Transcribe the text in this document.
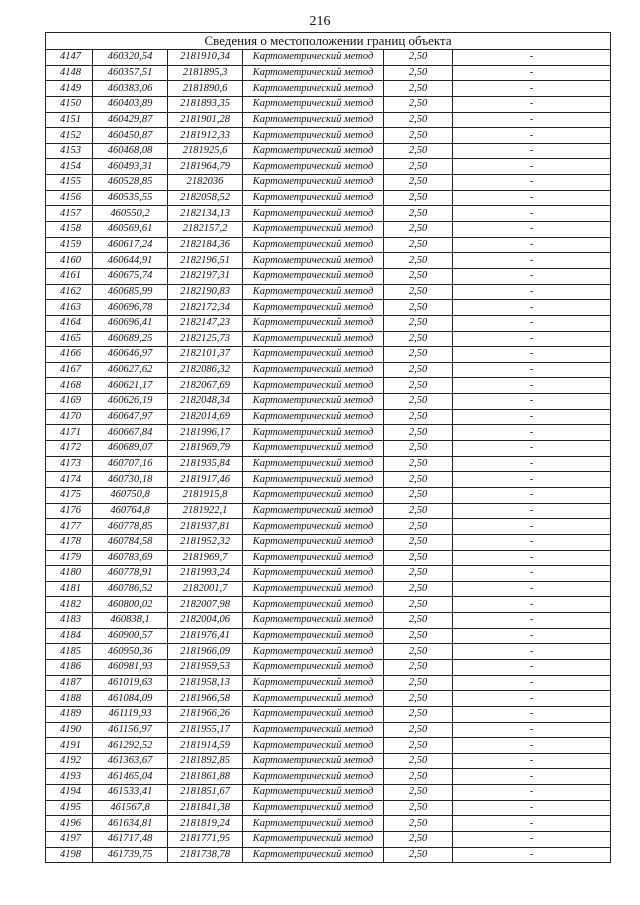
216
Сведения о местоположении границ объекта					
4147	460320,54	2181910,34	Картометрический метод	2,50	-
4148	460357,51	2181895,3	Картометрический метод	2,50	-
4149	460383,06	2181890,6	Картометрический метод	2,50	-
4150	460403,89	2181893,35	Картометрический метод	2,50	-
4151	460429,87	2181901,28	Картометрический метод	2,50	-
4152	460450,87	2181912,33	Картометрический метод	2,50	-
4153	460468,08	2181925,6	Картометрический метод	2,50	-
4154	460493,31	2181964,79	Картометрический метод	2,50	-
4155	460528,85	2182036	Картометрический метод	2,50	-
4156	460535,55	2182058,52	Картометрический метод	2,50	-
4157	460550,2	2182134,13	Картометрический метод	2,50	-
4158	460569,61	2182157,2	Картометрический метод	2,50	-
4159	460617,24	2182184,36	Картометрический метод	2,50	-
4160	460644,91	2182196,51	Картометрический метод	2,50	-
4161	460675,74	2182197,31	Картометрический метод	2,50	-
4162	460685,99	2182190,83	Картометрический метод	2,50	-
4163	460696,78	2182172,34	Картометрический метод	2,50	-
4164	460696,41	2182147,23	Картометрический метод	2,50	-
4165	460689,25	2182125,73	Картометрический метод	2,50	-
4166	460646,97	2182101,37	Картометрический метод	2,50	-
4167	460627,62	2182086,32	Картометрический метод	2,50	-
4168	460621,17	2182067,69	Картометрический метод	2,50	-
4169	460626,19	2182048,34	Картометрический метод	2,50	-
4170	460647,97	2182014,69	Картометрический метод	2,50	-
4171	460667,84	2181996,17	Картометрический метод	2,50	-
4172	460689,07	2181969,79	Картометрический метод	2,50	-
4173	460707,16	2181935,84	Картометрический метод	2,50	-
4174	460730,18	2181917,46	Картометрический метод	2,50	-
4175	460750,8	2181915,8	Картометрический метод	2,50	-
4176	460764,8	2181922,1	Картометрический метод	2,50	-
4177	460778,85	2181937,81	Картометрический метод	2,50	-
4178	460784,58	2181952,32	Картометрический метод	2,50	-
4179	460783,69	2181969,7	Картометрический метод	2,50	-
4180	460778,91	2181993,24	Картометрический метод	2,50	-
4181	460786,52	2182001,7	Картометрический метод	2,50	-
4182	460800,02	2182007,98	Картометрический метод	2,50	-
4183	460838,1	2182004,06	Картометрический метод	2,50	-
4184	460900,57	2181976,41	Картометрический метод	2,50	-
4185	460950,36	2181966,09	Картометрический метод	2,50	-
4186	460981,93	2181959,53	Картометрический метод	2,50	-
4187	461019,63	2181958,13	Картометрический метод	2,50	-
4188	461084,09	2181966,58	Картометрический метод	2,50	-
4189	461119,93	2181966,26	Картометрический метод	2,50	-
4190	461156,97	2181955,17	Картометрический метод	2,50	-
4191	461292,52	2181914,59	Картометрический метод	2,50	-
4192	461363,67	2181892,85	Картометрический метод	2,50	-
4193	461465,04	2181861,88	Картометрический метод	2,50	-
4194	461533,41	2181851,67	Картометрический метод	2,50	-
4195	461567,8	2181841,38	Картометрический метод	2,50	-
4196	461634,81	2181819,24	Картометрический метод	2,50	-
4197	461717,48	2181771,95	Картометрический метод	2,50	-
4198	461739,75	2181738,78	Картометрический метод	2,50	-
